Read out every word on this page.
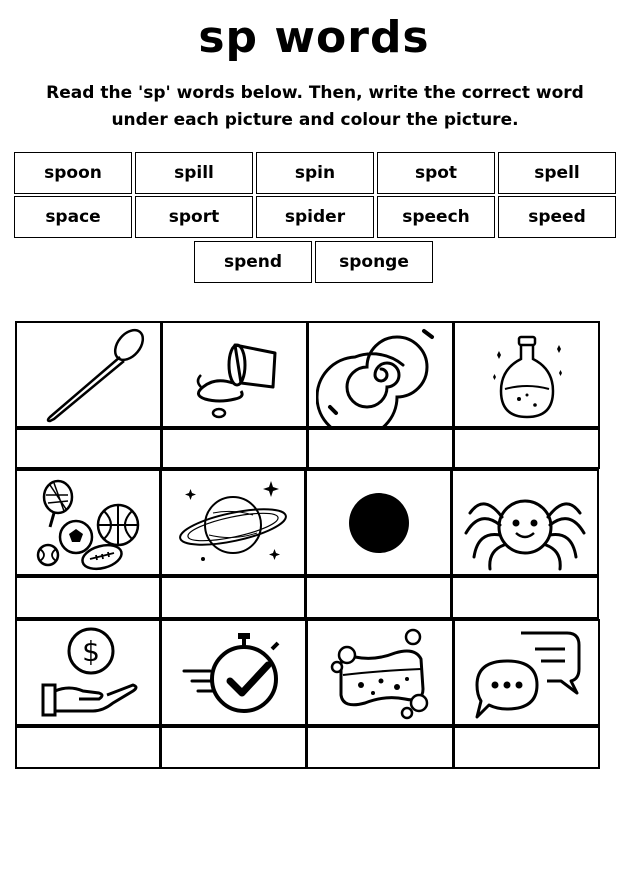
sp words
Read the 'sp' words below. Then, write the correct word
under each picture and colour the picture.
spoon	spill	spin	spot	spell
space	sport	spider	speech	speed
spend	sponge
$
